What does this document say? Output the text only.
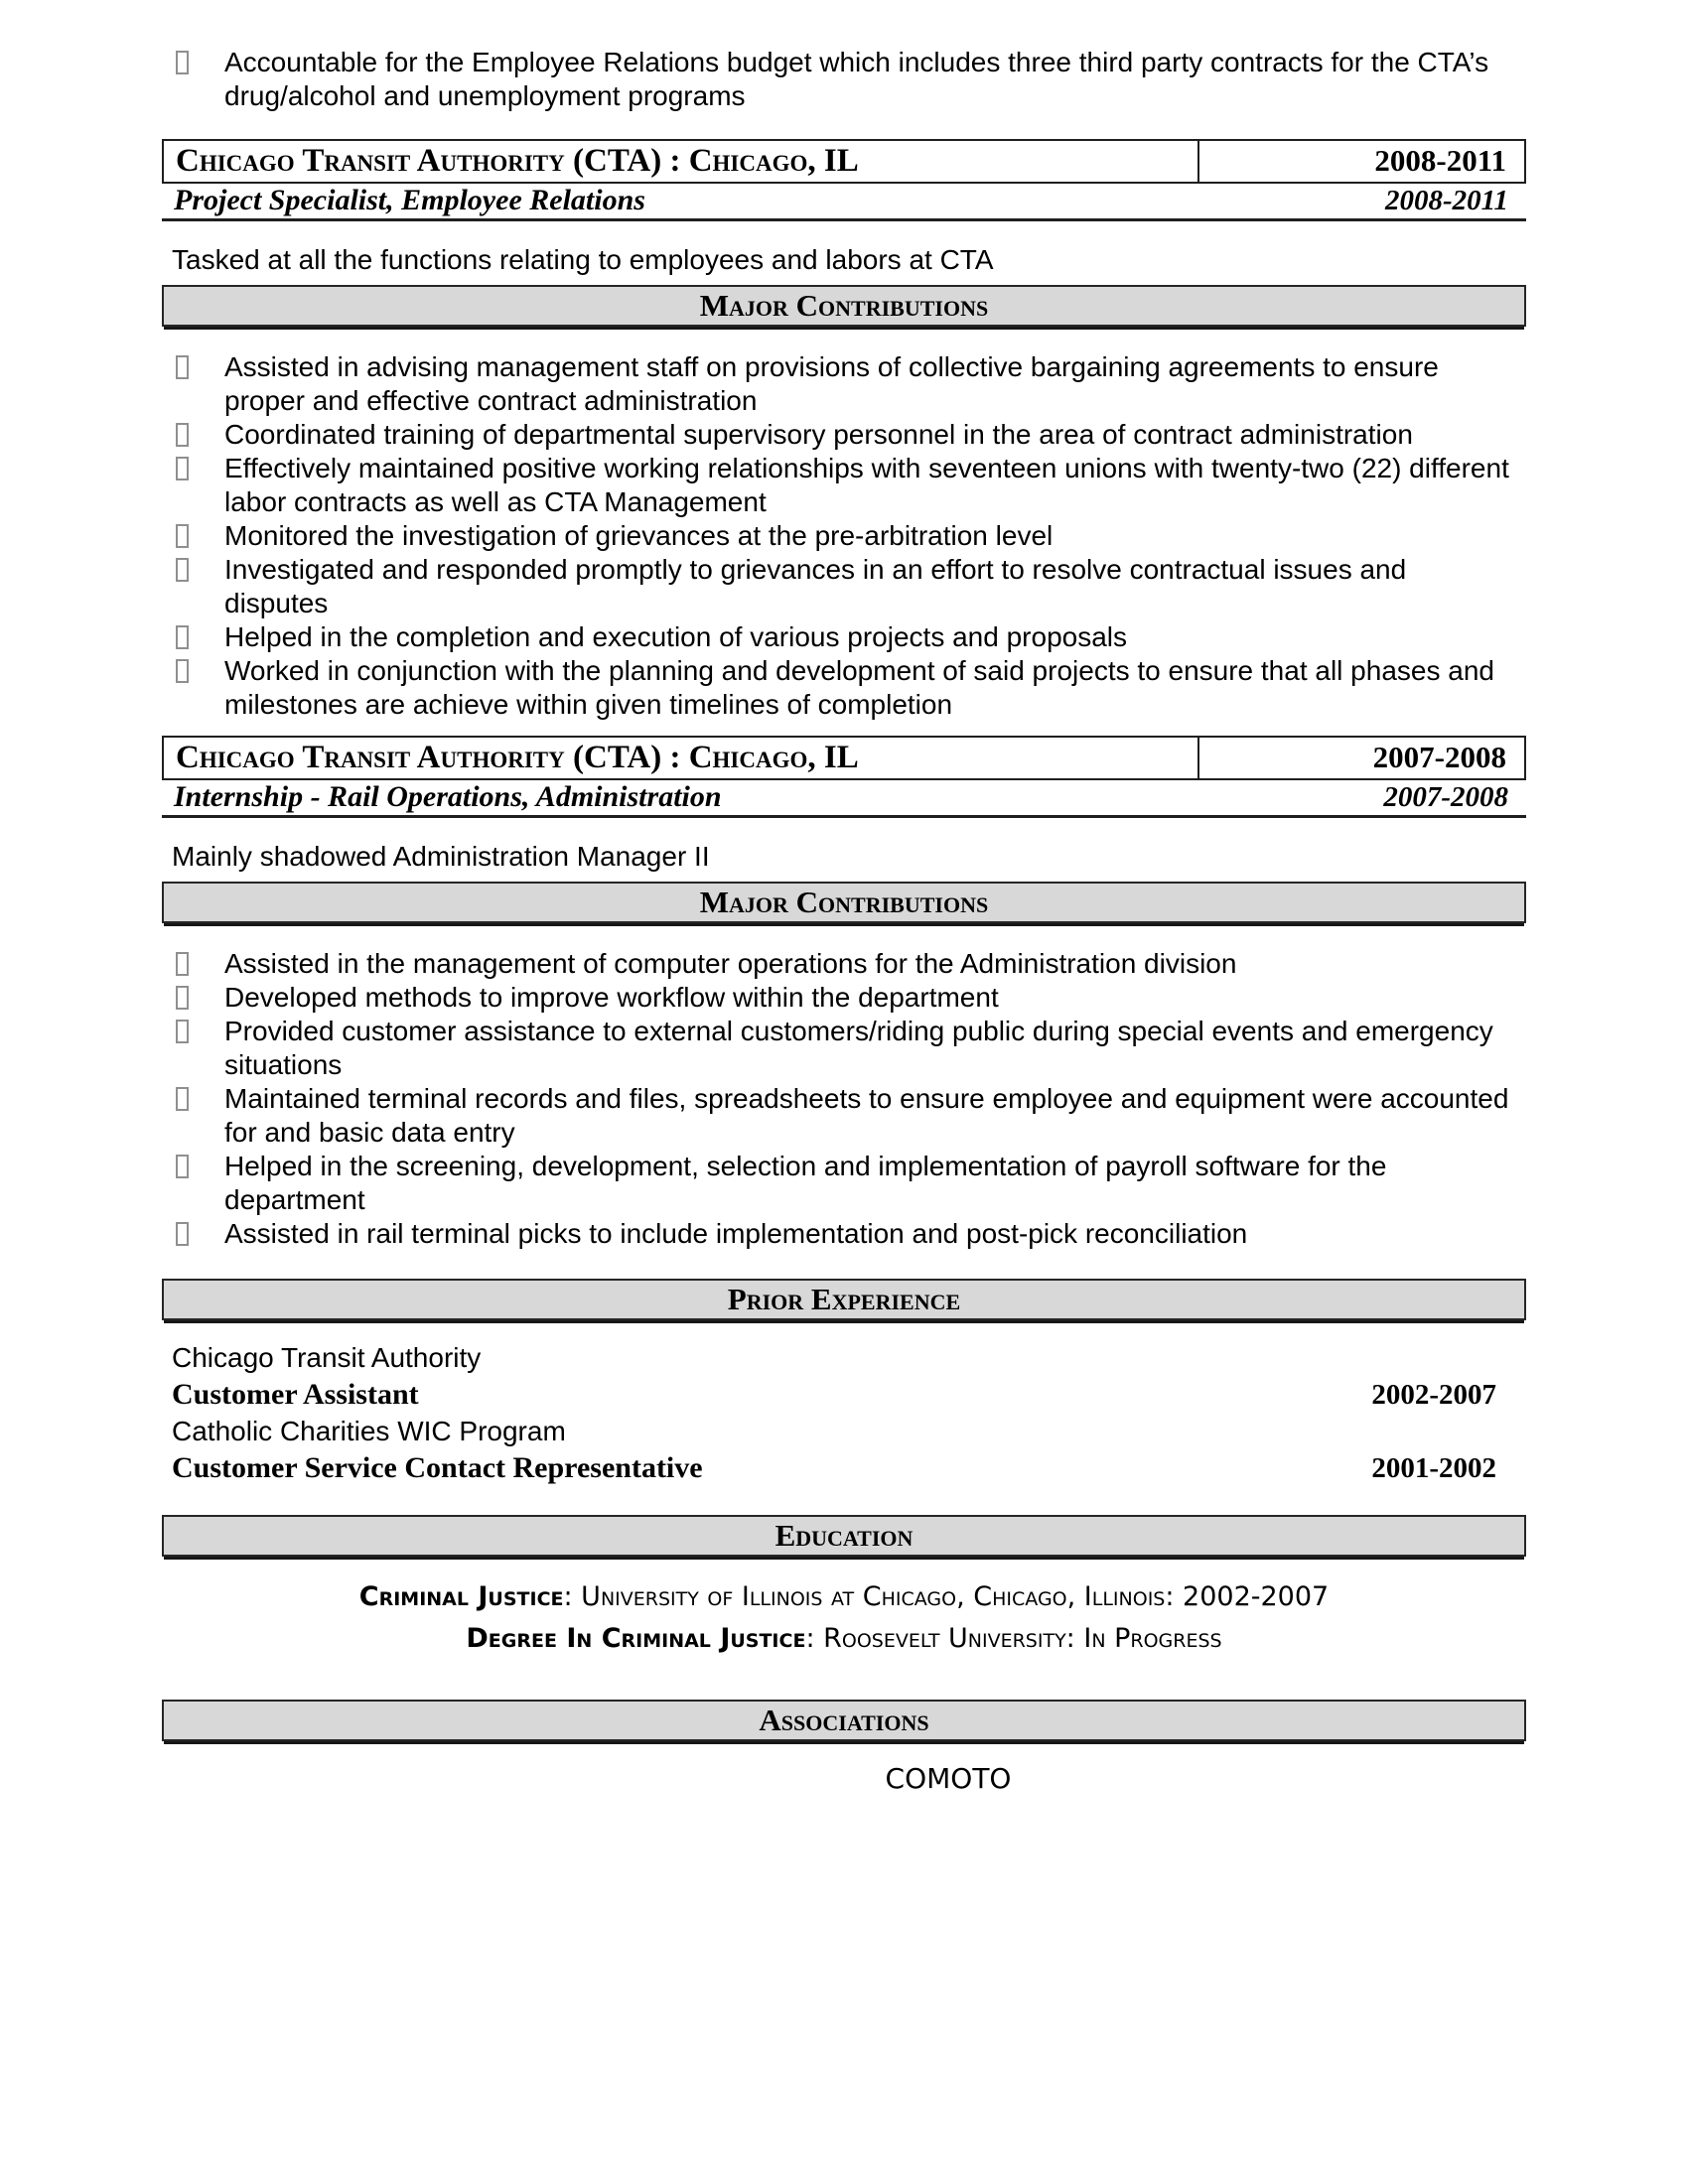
Accountable for the Employee Relations budget which includes three third party contracts for the CTA’s drug/alcohol and unemployment programs
Chicago Transit Authority (CTA) : Chicago, IL	2008-2011
Project Specialist, Employee Relations	2008-2011

Tasked at all the functions relating to employees and labors at CTA

Major Contributions
Assisted in advising management staff on provisions of collective bargaining agreements to ensure proper and effective contract administration
Coordinated training of departmental supervisory personnel in the area of contract administration
Effectively maintained positive working relationships with seventeen unions with twenty-two (22) different labor contracts as well as CTA Management
Monitored the investigation of grievances at the pre-arbitration level
Investigated and responded promptly to grievances in an effort to resolve contractual issues and disputes
Helped in the completion and execution of various projects and proposals
Worked in conjunction with the planning and development of said projects to ensure that all phases and milestones are achieve within given timelines of completion
Chicago Transit Authority (CTA) : Chicago, IL	2007-2008
Internship - Rail Operations, Administration	2007-2008

Mainly shadowed Administration Manager II

Major Contributions
Assisted in the management of computer operations for the Administration division
Developed methods to improve workflow within the department
Provided customer assistance to external customers/riding public during special events and emergency situations
Maintained terminal records and files, spreadsheets to ensure employee and equipment were accounted for and basic data entry
Helped in the screening, development, selection and implementation of payroll software for the department
Assisted in rail terminal picks to include implementation and post-pick reconciliation
Prior Experience
Chicago Transit Authority
Customer Assistant	2002-2007
Catholic Charities WIC Program
Customer Service Contact Representative	2001-2002
Education
Criminal Justice: University of Illinois at Chicago, Chicago, Illinois: 2002-2007
Degree In Criminal Justice: Roosevelt University: In Progress
Associations
COMOTO
